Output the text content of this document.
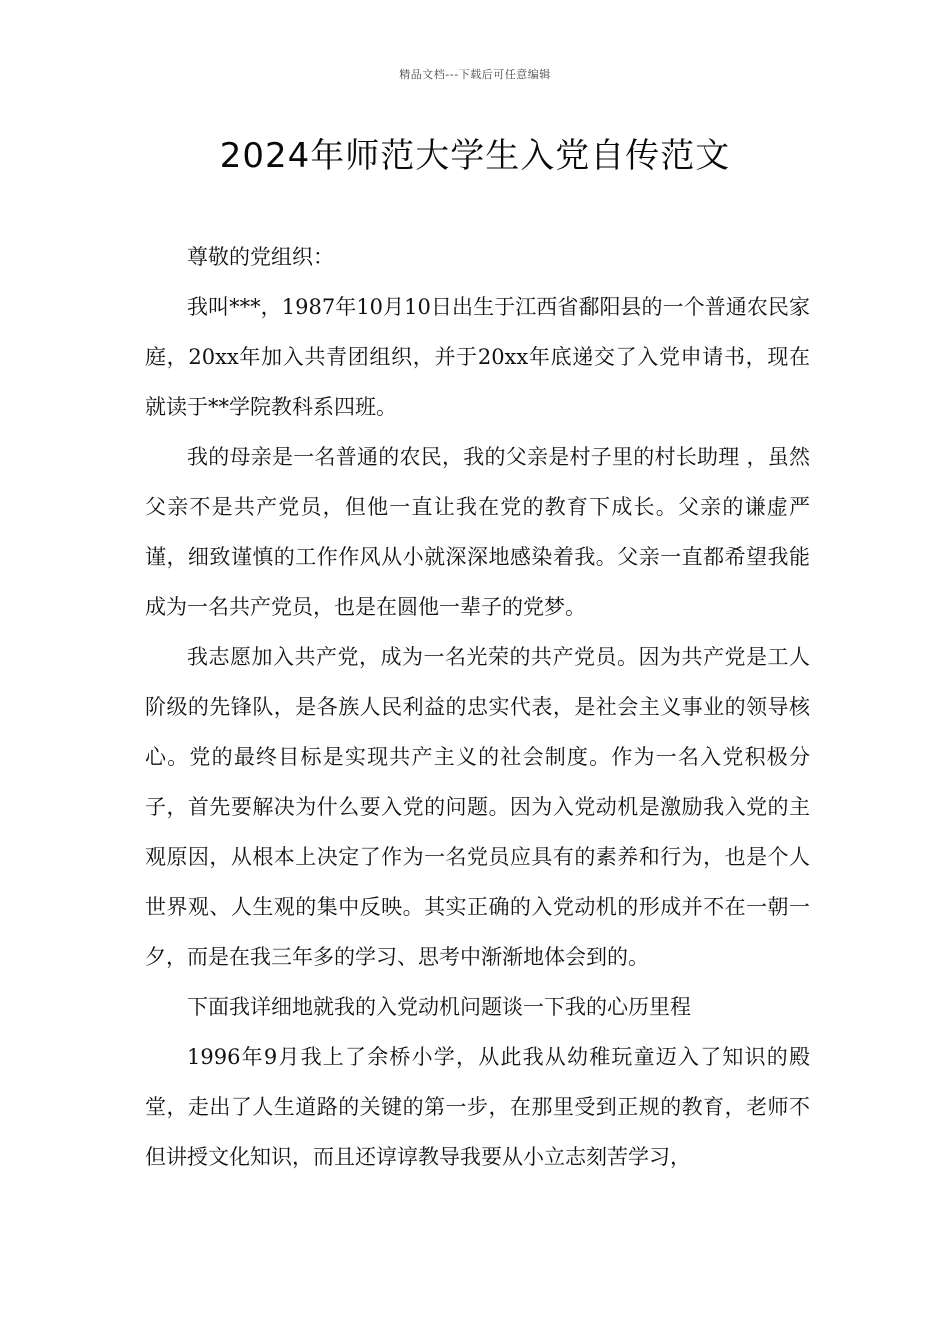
精品文档---下载后可任意编辑
2024年师范大学生入党自传范文

尊敬的党组织：

我叫***，1987年10月10日出生于江西省鄱阳县的一个普通农民家庭，20xx年加入共青团组织，并于20xx年底递交了入党申请书，现在就读于**学院教科系四班。

我的母亲是一名普通的农民，我的父亲是村子里的村长助理 ，虽然父亲不是共产党员，但他一直让我在党的教育下成长。父亲的谦虚严谨，细致谨慎的工作作风从小就深深地感染着我。父亲一直都希望我能成为一名共产党员，也是在圆他一辈子的党梦。

我志愿加入共产党，成为一名光荣的共产党员。因为共产党是工人阶级的先锋队，是各族人民利益的忠实代表，是社会主义事业的领导核心。党的最终目标是实现共产主义的社会制度。作为一名入党积极分子，首先要解决为什么要入党的问题。因为入党动机是激励我入党的主观原因，从根本上决定了作为一名党员应具有的素养和行为，也是个人世界观、人生观的集中反映。其实正确的入党动机的形成并不在一朝一夕，而是在我三年多的学习、思考中渐渐地体会到的。

下面我详细地就我的入党动机问题谈一下我的心历里程

1996年9月我上了余桥小学，从此我从幼稚玩童迈入了知识的殿堂，走出了人生道路的关键的第一步，在那里受到正规的教育，老师不但讲授文化知识，而且还谆谆教导我要从小立志刻苦学习，
